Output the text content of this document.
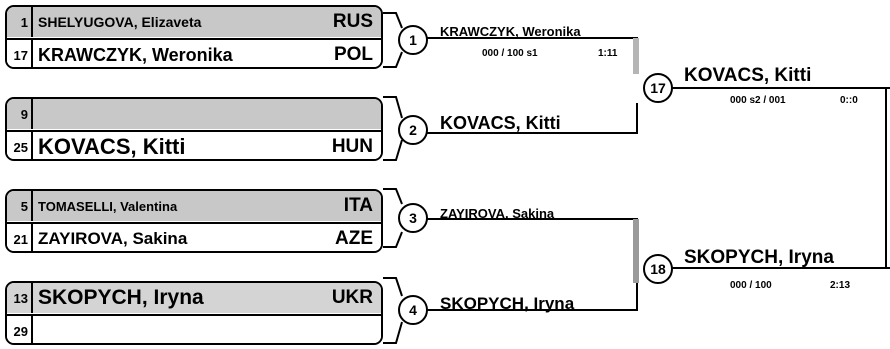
1 SHELYUGOVA, Elizaveta	RUS
17 KRAWCZYK, Weronika	POL
9
25 KOVACS, Kitti	HUN
5 TOMASELLI, Valentina	ITA
21 ZAYIROVA, Sakina	AZE
13 SKOPYCH, Iryna	UKR
29
1
2
3
4
KRAWCZYK, Weronika
000 / 100 s1	1:11
KOVACS, Kitti
ZAYIROVA, Sakina
SKOPYCH, Iryna
17
18
KOVACS, Kitti
000 s2 / 001	0::0
SKOPYCH, Iryna
000 / 100	2:13
